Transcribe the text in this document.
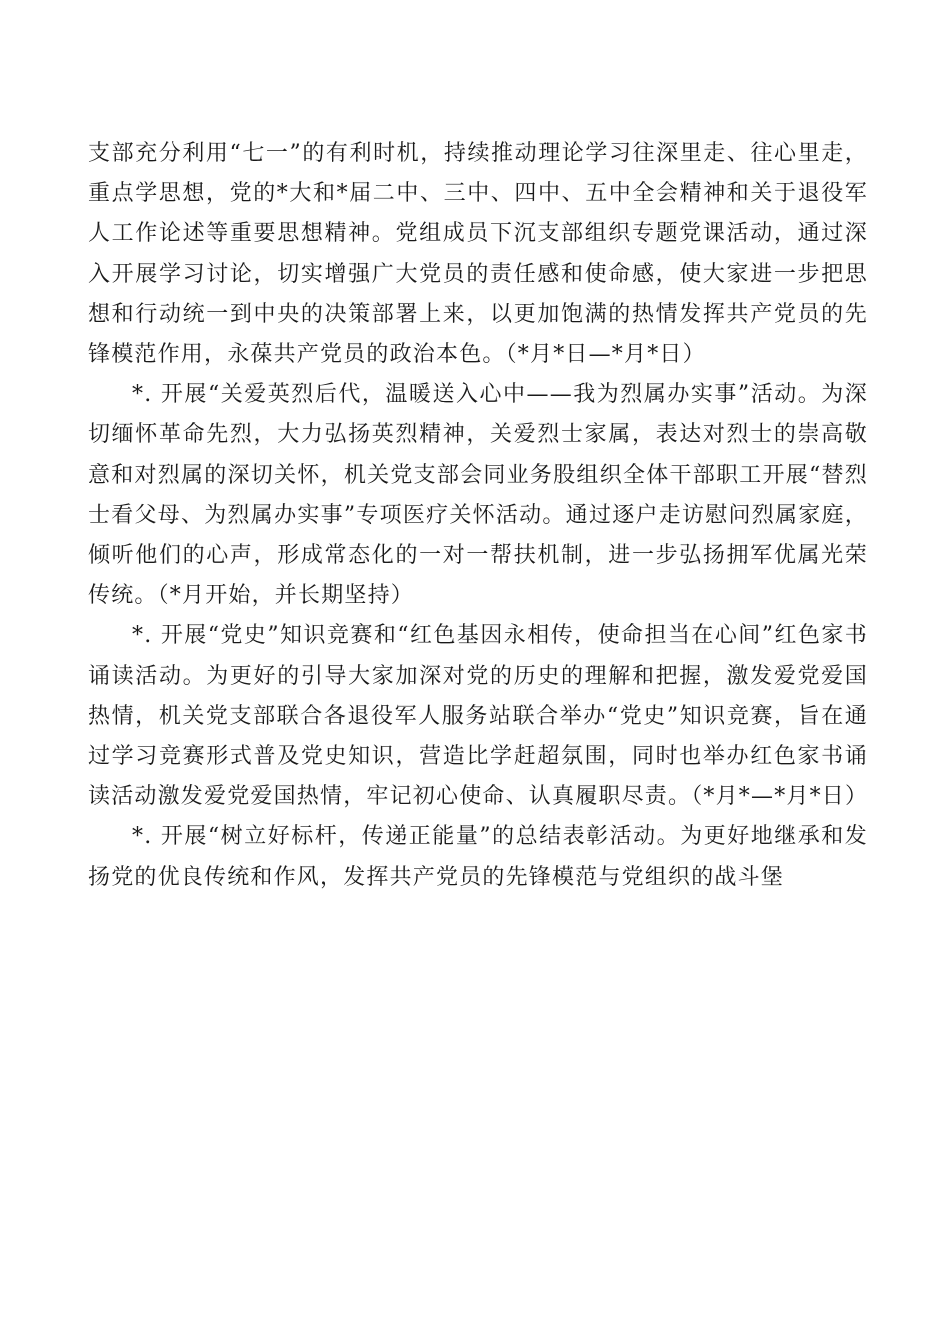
支部充分利用“七一”的有利时机，持续推动理论学习往深里走、往心里走，重点学思想，党的*大和*届二中、三中、四中、五中全会精神和关于退役军人工作论述等重要思想精神。党组成员下沉支部组织专题党课活动，通过深入开展学习讨论，切实增强广大党员的责任感和使命感，使大家进一步把思想和行动统一到中央的决策部署上来，以更加饱满的热情发挥共产党员的先锋模范作用，永葆共产党员的政治本色。（*月*日—*月*日）

*. 开展“关爱英烈后代，温暖送入心中——我为烈属办实事”活动。为深切缅怀革命先烈，大力弘扬英烈精神，关爱烈士家属，表达对烈士的崇高敬意和对烈属的深切关怀，机关党支部会同业务股组织全体干部职工开展“替烈士看父母、为烈属办实事”专项医疗关怀活动。通过逐户走访慰问烈属家庭，倾听他们的心声，形成常态化的一对一帮扶机制，进一步弘扬拥军优属光荣传统。（*月开始，并长期坚持）

*. 开展“党史”知识竞赛和“红色基因永相传，使命担当在心间”红色家书诵读活动。为更好的引导大家加深对党的历史的理解和把握，激发爱党爱国热情，机关党支部联合各退役军人服务站联合举办“党史”知识竞赛，旨在通过学习竞赛形式普及党史知识，营造比学赶超氛围，同时也举办红色家书诵读活动激发爱党爱国热情，牢记初心使命、认真履职尽责。（*月*—*月*日）

*. 开展“树立好标杆，传递正能量”的总结表彰活动。为更好地继承和发扬党的优良传统和作风，发挥共产党员的先锋模范与党组织的战斗堡
